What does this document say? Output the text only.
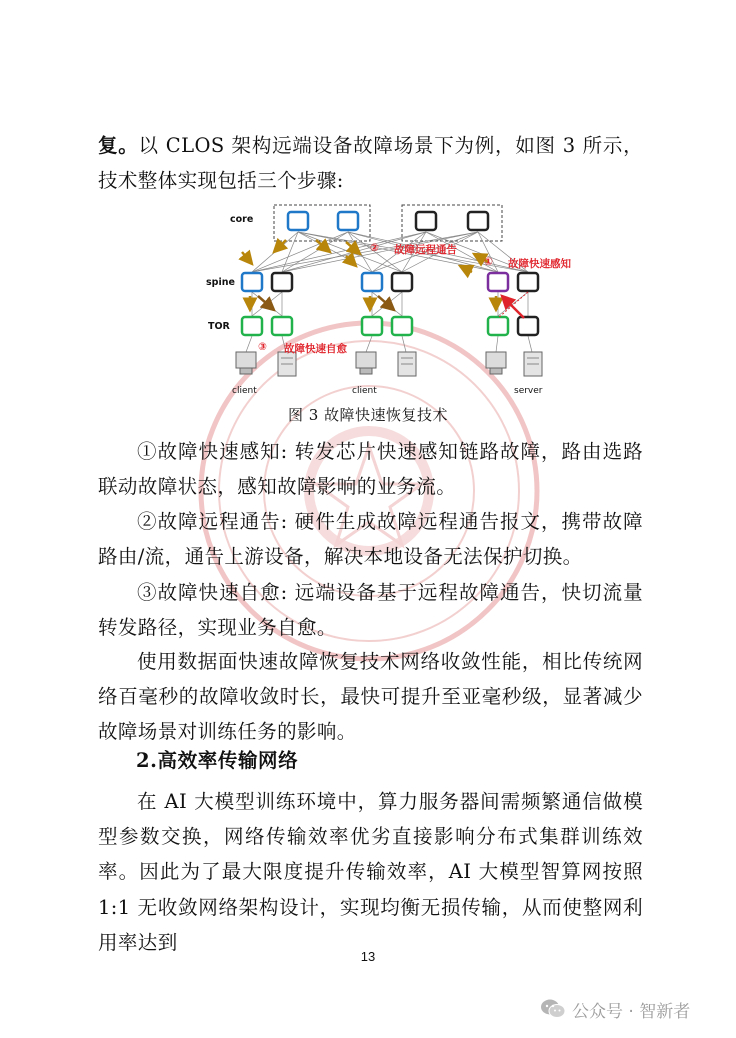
复。以 CLOS 架构远端设备故障场景下为例，如图 3 所示，技术整体实现包括三个步骤:

core
spine
TOR
② 故障远程通告
① 故障快速感知
③ 故障快速自愈
client	client	server
图 3 故障快速恢复技术

①故障快速感知: 转发芯片快速感知链路故障，路由选路联动故障状态，感知故障影响的业务流。

②故障远程通告: 硬件生成故障远程通告报文，携带故障路由/流，通告上游设备，解决本地设备无法保护切换。

③故障快速自愈: 远端设备基于远程故障通告，快切流量转发路径，实现业务自愈。

使用数据面快速故障恢复技术网络收敛性能，相比传统网络百毫秒的故障收敛时长，最快可提升至亚毫秒级，显著减少故障场景对训练任务的影响。

2.高效率传输网络

在 AI 大模型训练环境中，算力服务器间需频繁通信做模型参数交换，网络传输效率优劣直接影响分布式集群训练效率。因此为了最大限度提升传输效率，AI 大模型智算网按照 1:1 无收敛网络架构设计，实现均衡无损传输，从而使整网利用率达到

13
公众号 · 智新者
